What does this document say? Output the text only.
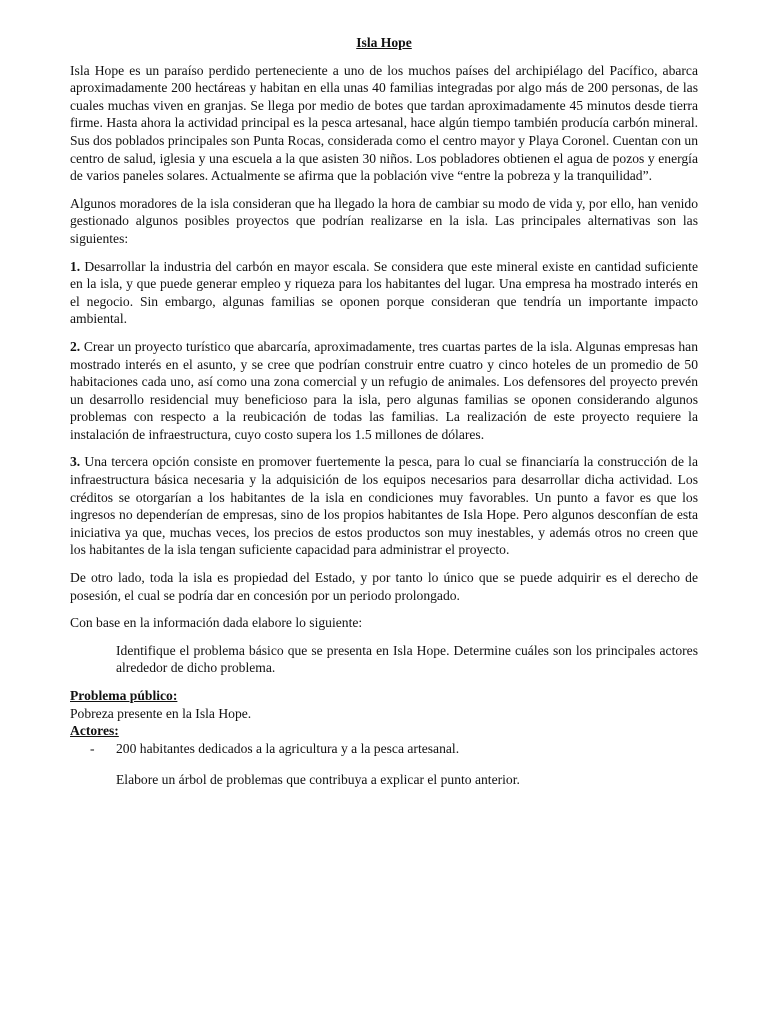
Isla Hope

Isla Hope es un paraíso perdido perteneciente a uno de los muchos países del archipiélago del Pacífico, abarca aproximadamente 200 hectáreas y habitan en ella unas 40 familias integradas por algo más de 200 personas, de las cuales muchas viven en granjas. Se llega por medio de botes que tardan aproximadamente 45 minutos desde tierra firme. Hasta ahora la actividad principal es la pesca artesanal, hace algún tiempo también producía carbón mineral. Sus dos poblados principales son Punta Rocas, considerada como el centro mayor y Playa Coronel. Cuentan con un centro de salud, iglesia y una escuela a la que asisten 30 niños. Los pobladores obtienen el agua de pozos y energía de varios paneles solares. Actualmente se afirma que la población vive “entre la pobreza y la tranquilidad”.

Algunos moradores de la isla consideran que ha llegado la hora de cambiar su modo de vida y, por ello, han venido gestionado algunos posibles proyectos que podrían realizarse en la isla. Las principales alternativas son las siguientes:

1. Desarrollar la industria del carbón en mayor escala. Se considera que este mineral existe en cantidad suficiente en la isla, y que puede generar empleo y riqueza para los habitantes del lugar. Una empresa ha mostrado interés en el negocio. Sin embargo, algunas familias se oponen porque consideran que tendría un importante impacto ambiental.

2. Crear un proyecto turístico que abarcaría, aproximadamente, tres cuartas partes de la isla. Algunas empresas han mostrado interés en el asunto, y se cree que podrían construir entre cuatro y cinco hoteles de un promedio de 50 habitaciones cada uno, así como una zona comercial y un refugio de animales. Los defensores del proyecto prevén un desarrollo residencial muy beneficioso para la isla, pero algunas familias se oponen considerando algunos problemas con respecto a la reubicación de todas las familias. La realización de este proyecto requiere la instalación de infraestructura, cuyo costo supera los 1.5 millones de dólares.

3. Una tercera opción consiste en promover fuertemente la pesca, para lo cual se financiaría la construcción de la infraestructura básica necesaria y la adquisición de los equipos necesarios para desarrollar dicha actividad. Los créditos se otorgarían a los habitantes de la isla en condiciones muy favorables. Un punto a favor es que los ingresos no dependerían de empresas, sino de los propios habitantes de Isla Hope. Pero algunos desconfían de esta iniciativa ya que, muchas veces, los precios de estos productos son muy inestables, y además otros no creen que los habitantes de la isla tengan suficiente capacidad para administrar el proyecto.

De otro lado, toda la isla es propiedad del Estado, y por tanto lo único que se puede adquirir es el derecho de posesión, el cual se podría dar en concesión por un periodo prolongado.

Con base en la información dada elabore lo siguiente:

Identifique el problema básico que se presenta en Isla Hope. Determine cuáles son los principales actores alrededor de dicho problema.

Problema público:

Pobreza presente en la Isla Hope.

Actores:

-	200 habitantes dedicados a la agricultura y a la pesca artesanal.
Elabore un árbol de problemas que contribuya a explicar el punto anterior.
